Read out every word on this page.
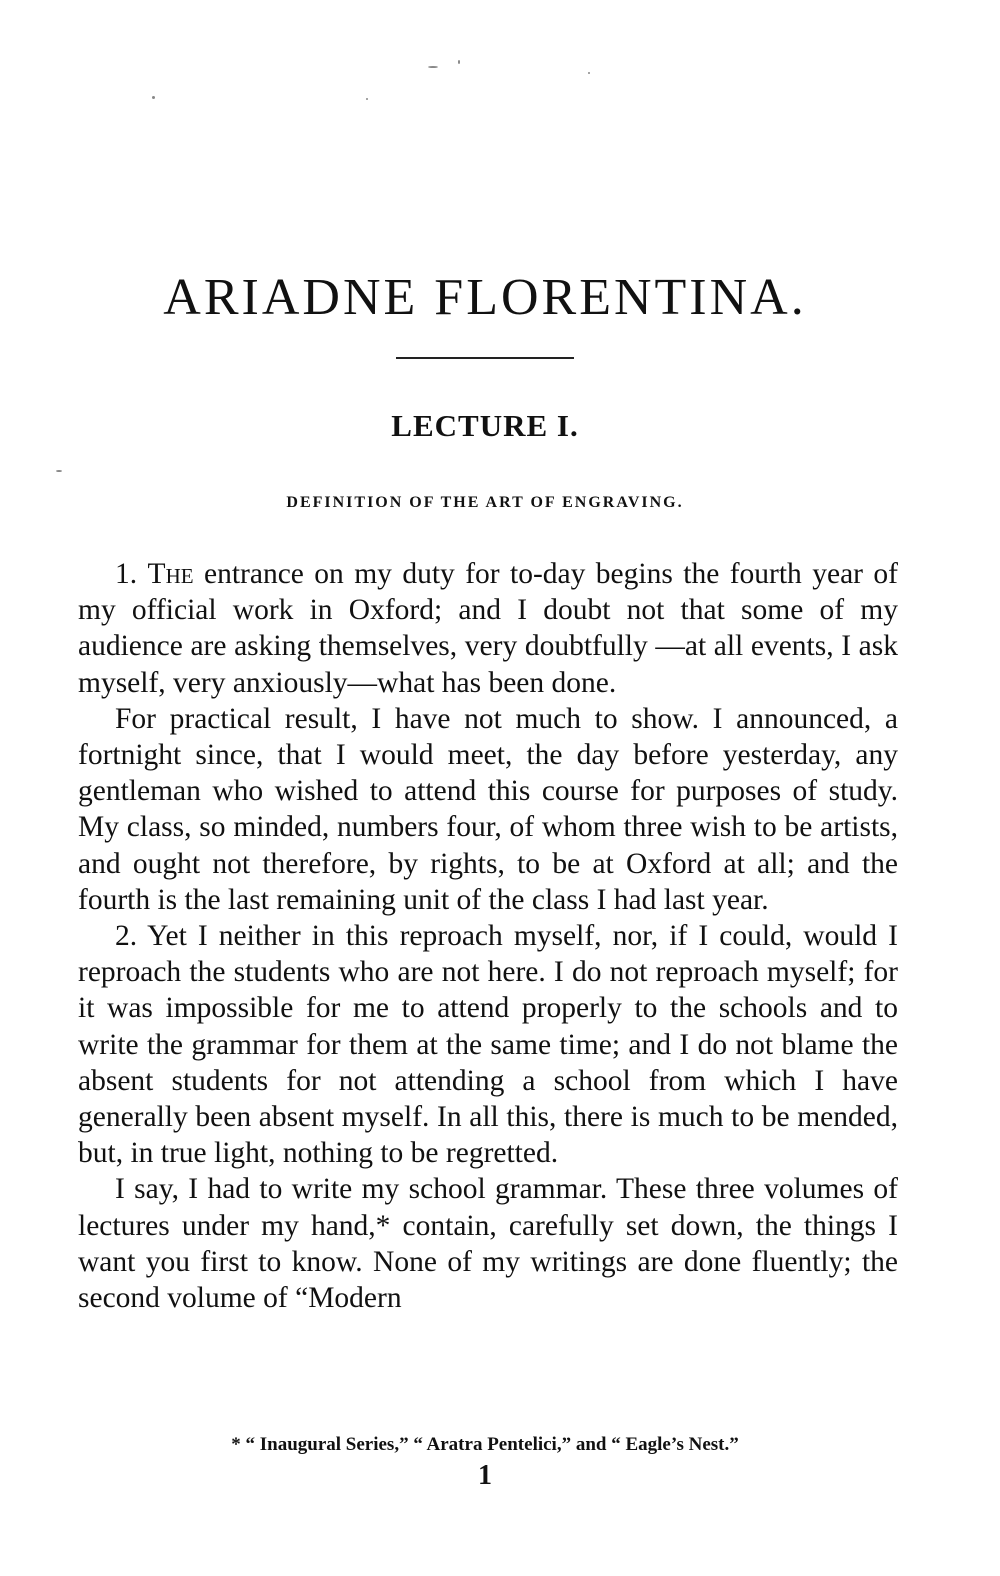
ARIADNE FLORENTINA.
LECTURE I.
DEFINITION OF THE ART OF ENGRAVING.

1. The entrance on my duty for to-day begins the fourth year of my official work in Oxford; and I doubt not that some of my audience are asking themselves, very doubtfully —at all events, I ask myself, very anxiously—what has been done.

For practical result, I have not much to show. I announced, a fortnight since, that I would meet, the day before yesterday, any gentleman who wished to attend this course for purposes of study. My class, so minded, numbers four, of whom three wish to be artists, and ought not therefore, by rights, to be at Oxford at all; and the fourth is the last remaining unit of the class I had last year.

2. Yet I neither in this reproach myself, nor, if I could, would I reproach the students who are not here. I do not reproach myself; for it was impossible for me to attend properly to the schools and to write the grammar for them at the same time; and I do not blame the absent students for not attending a school from which I have generally been absent myself. In all this, there is much to be mended, but, in true light, nothing to be regretted.

I say, I had to write my school grammar. These three volumes of lectures under my hand,* contain, carefully set down, the things I want you first to know. None of my writings are done fluently; the second volume of “Modern

* “ Inaugural Series,” “ Aratra Pentelici,” and “ Eagle’s Nest.”

1
